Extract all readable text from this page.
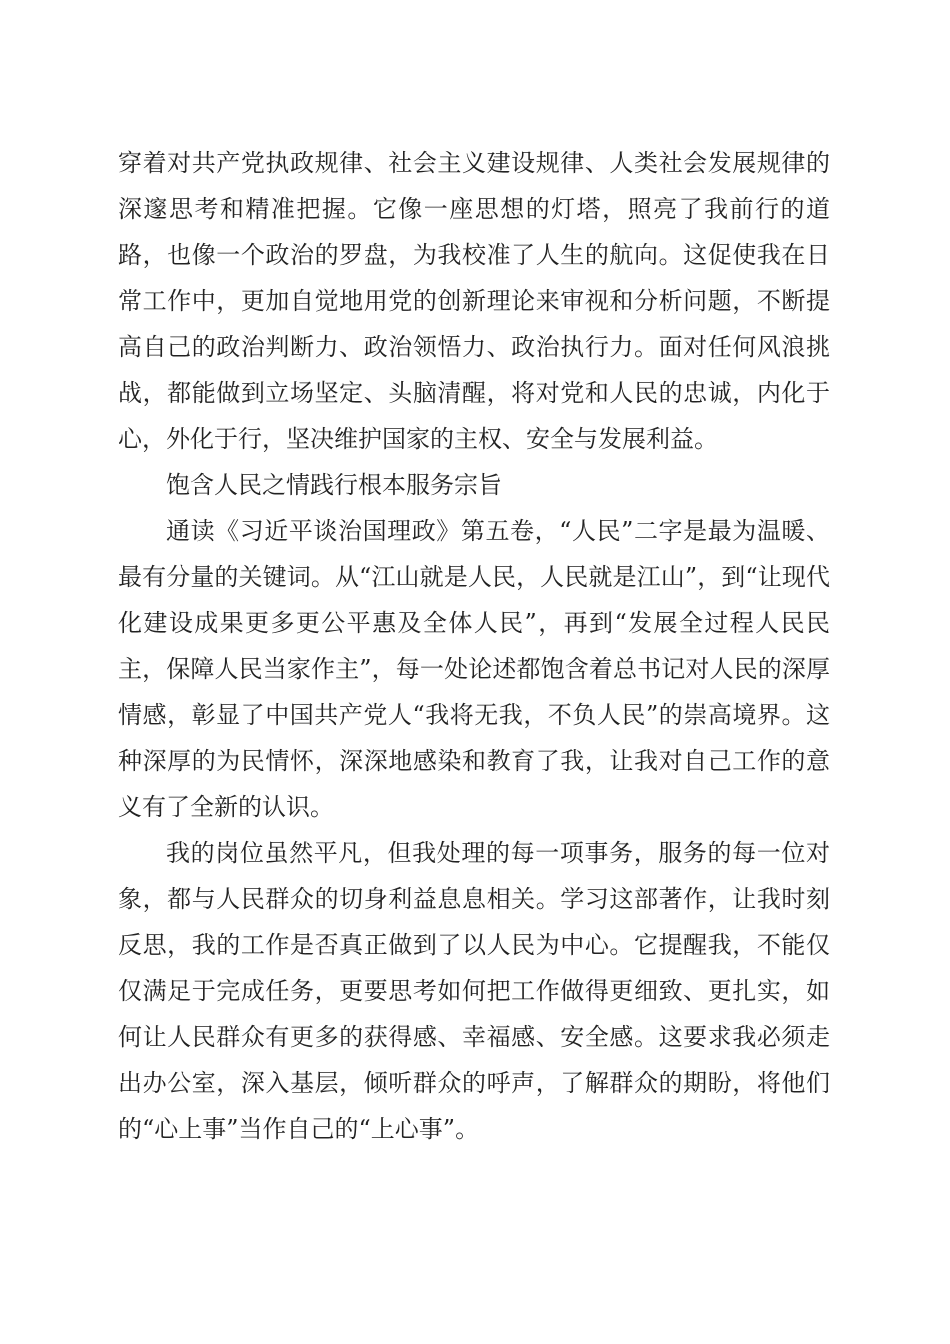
穿着对共产党执政规律、社会主义建设规律、人类社会发展规律的深邃思考和精准把握。它像一座思想的灯塔，照亮了我前行的道路，也像一个政治的罗盘，为我校准了人生的航向。这促使我在日常工作中，更加自觉地用党的创新理论来审视和分析问题，不断提高自己的政治判断力、政治领悟力、政治执行力。面对任何风浪挑战，都能做到立场坚定、头脑清醒，将对党和人民的忠诚，内化于心，外化于行，坚决维护国家的主权、安全与发展利益。

饱含人民之情践行根本服务宗旨

通读《习近平谈治国理政》第五卷，“人民”二字是最为温暖、最有分量的关键词。从“江山就是人民，人民就是江山”，到“让现代化建设成果更多更公平惠及全体人民”，再到“发展全过程人民民主，保障人民当家作主”，每一处论述都饱含着总书记对人民的深厚情感，彰显了中国共产党人“我将无我，不负人民”的崇高境界。这种深厚的为民情怀，深深地感染和教育了我，让我对自己工作的意义有了全新的认识。

我的岗位虽然平凡，但我处理的每一项事务，服务的每一位对象，都与人民群众的切身利益息息相关。学习这部著作，让我时刻反思，我的工作是否真正做到了以人民为中心。它提醒我，不能仅仅满足于完成任务，更要思考如何把工作做得更细致、更扎实，如何让人民群众有更多的获得感、幸福感、安全感。这要求我必须走出办公室，深入基层，倾听群众的呼声，了解群众的期盼，将他们的“心上事”当作自己的“上心事”。
